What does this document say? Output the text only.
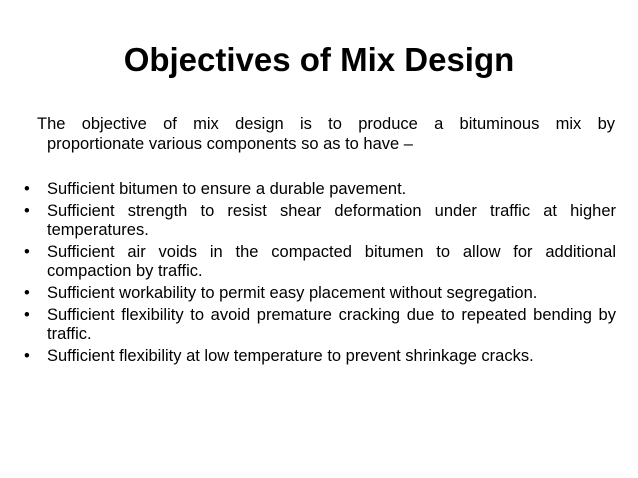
Objectives of Mix Design
The objective of mix design is to produce a bituminous mix by
proportionate various components so as to have –
•	Sufficient bitumen to ensure a durable pavement.
•	Sufficient strength to resist shear deformation under traffic at higher temperatures.
•	Sufficient air voids in the compacted bitumen to allow for additional compaction by traffic.
•	Sufficient workability to permit easy placement without segregation.
•	Sufficient flexibility to avoid premature cracking due to repeated bending by traffic.
•	Sufficient flexibility at low temperature to prevent shrinkage cracks.
